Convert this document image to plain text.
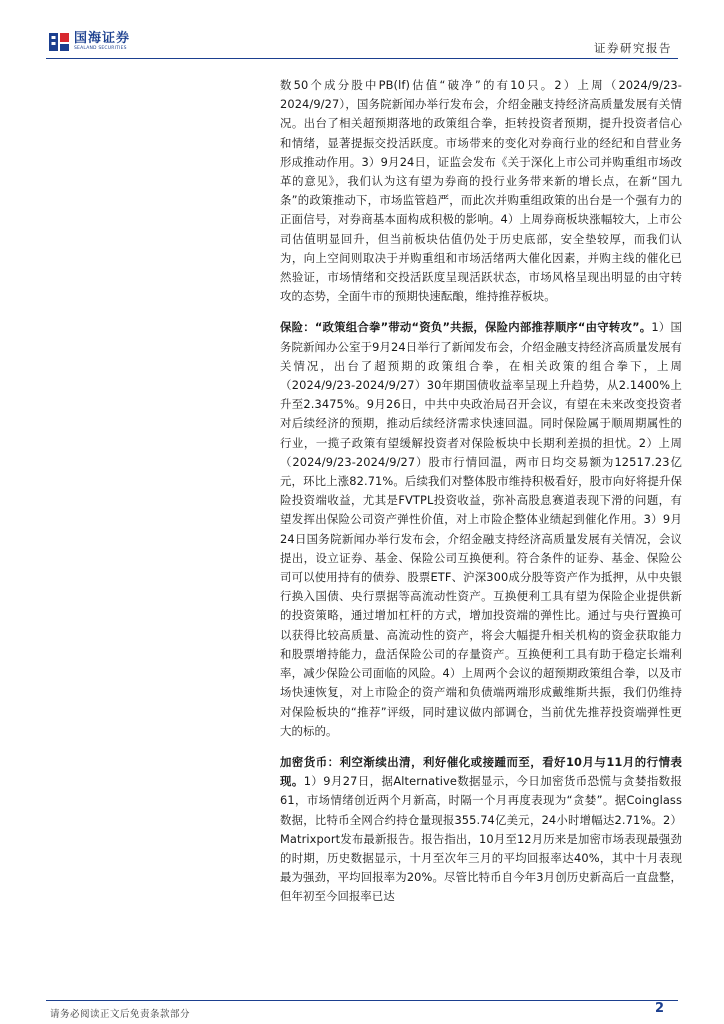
国海证券
SEALAND SECURITIES	证券研究报告

数50个成分股中PB(lf)估值“破净”的有10只。2）上周（2024/9/23-2024/9/27），国务院新闻办举行发布会，介绍金融支持经济高质量发展有关情况。出台了相关超预期落地的政策组合拳，拒转投资者预期，提升投资者信心和情绪，显著提振交投活跃度。市场带来的变化对券商行业的经纪和自营业务形成推动作用。3）9月24日，证监会发布《关于深化上市公司并购重组市场改革的意见》，我们认为这有望为券商的投行业务带来新的增长点，在新“国九条”的政策推动下，市场监管趋严，而此次并购重组政策的出台是一个强有力的正面信号，对券商基本面构成积极的影响。4）上周券商板块涨幅较大，上市公司估值明显回升，但当前板块估值仍处于历史底部，安全垫较厚，而我们认为，向上空间则取决于并购重组和市场活绪两大催化因素，并购主线的催化已然验证，市场情绪和交投活跃度呈现活跃状态，市场风格呈现出明显的由守转攻的态势，全面牛市的预期快速酝酿，维持推荐板块。

保险：“政策组合拳”带动“资负”共振，保险内部推荐顺序“由守转攻”。1）国务院新闻办公室于9月24日举行了新闻发布会，介绍金融支持经济高质量发展有关情况，出台了超预期的政策组合拳，在相关政策的组合拳下，上周（2024/9/23-2024/9/27）30年期国债收益率呈现上升趋势，从2.1400%上升至2.3475%。9月26日，中共中央政治局召开会议，有望在未来改变投资者对后续经济的预期，推动后续经济需求快速回温。同时保险属于顺周期属性的行业，一揽子政策有望缓解投资者对保险板块中长期利差损的担忧。2）上周（2024/9/23-2024/9/27）股市行情回温，两市日均交易额为12517.23亿元，环比上涨82.71%。后续我们对整体股市维持积极看好，股市向好将提升保险投资端收益，尤其是FVTPL投资收益，弥补高股息赛道表现下滑的问题，有望发挥出保险公司资产弹性价值，对上市险企整体业绩起到催化作用。3）9月24日国务院新闻办举行发布会，介绍金融支持经济高质量发展有关情况，会议提出，设立证券、基金、保险公司互换便利。符合条件的证券、基金、保险公司可以使用持有的债券、股票ETF、沪深300成分股等资产作为抵押，从中央银行换入国债、央行票据等高流动性资产。互换便利工具有望为保险企业提供新的投资策略，通过增加杠杆的方式，增加投资端的弹性比。通过与央行置换可以获得比较高质量、高流动性的资产，将会大幅提升相关机构的资金获取能力和股票增持能力，盘活保险公司的存量资产。互换便利工具有助于稳定长端利率，减少保险公司面临的风险。4）上周两个会议的超预期政策组合拳，以及市场快速恢复，对上市险企的资产端和负债端两端形成戴维斯共振，我们仍维持对保险板块的“推荐”评级，同时建议做内部调仓，当前优先推荐投资端弹性更大的标的。

加密货币：利空渐续出清，利好催化或接踵而至，看好10月与11月的行情表现。1）9月27日，据Alternative数据显示，今日加密货币恐慌与贪婪指数报61，市场情绪创近两个月新高，时隔一个月再度表现为“贪婪”。据Coinglass数据，比特币全网合约持仓量现报355.74亿美元，24小时增幅达2.71%。2）Matrixport发布最新报告。报告指出，10月至12月历来是加密市场表现最强劲的时期，历史数据显示，十月至次年三月的平均回报率达40%，其中十月表现最为强劲，平均回报率为20%。尽管比特币自今年3月创历史新高后一直盘整，但年初至今回报率已达

请务必阅读正文后免责条款部分	2
